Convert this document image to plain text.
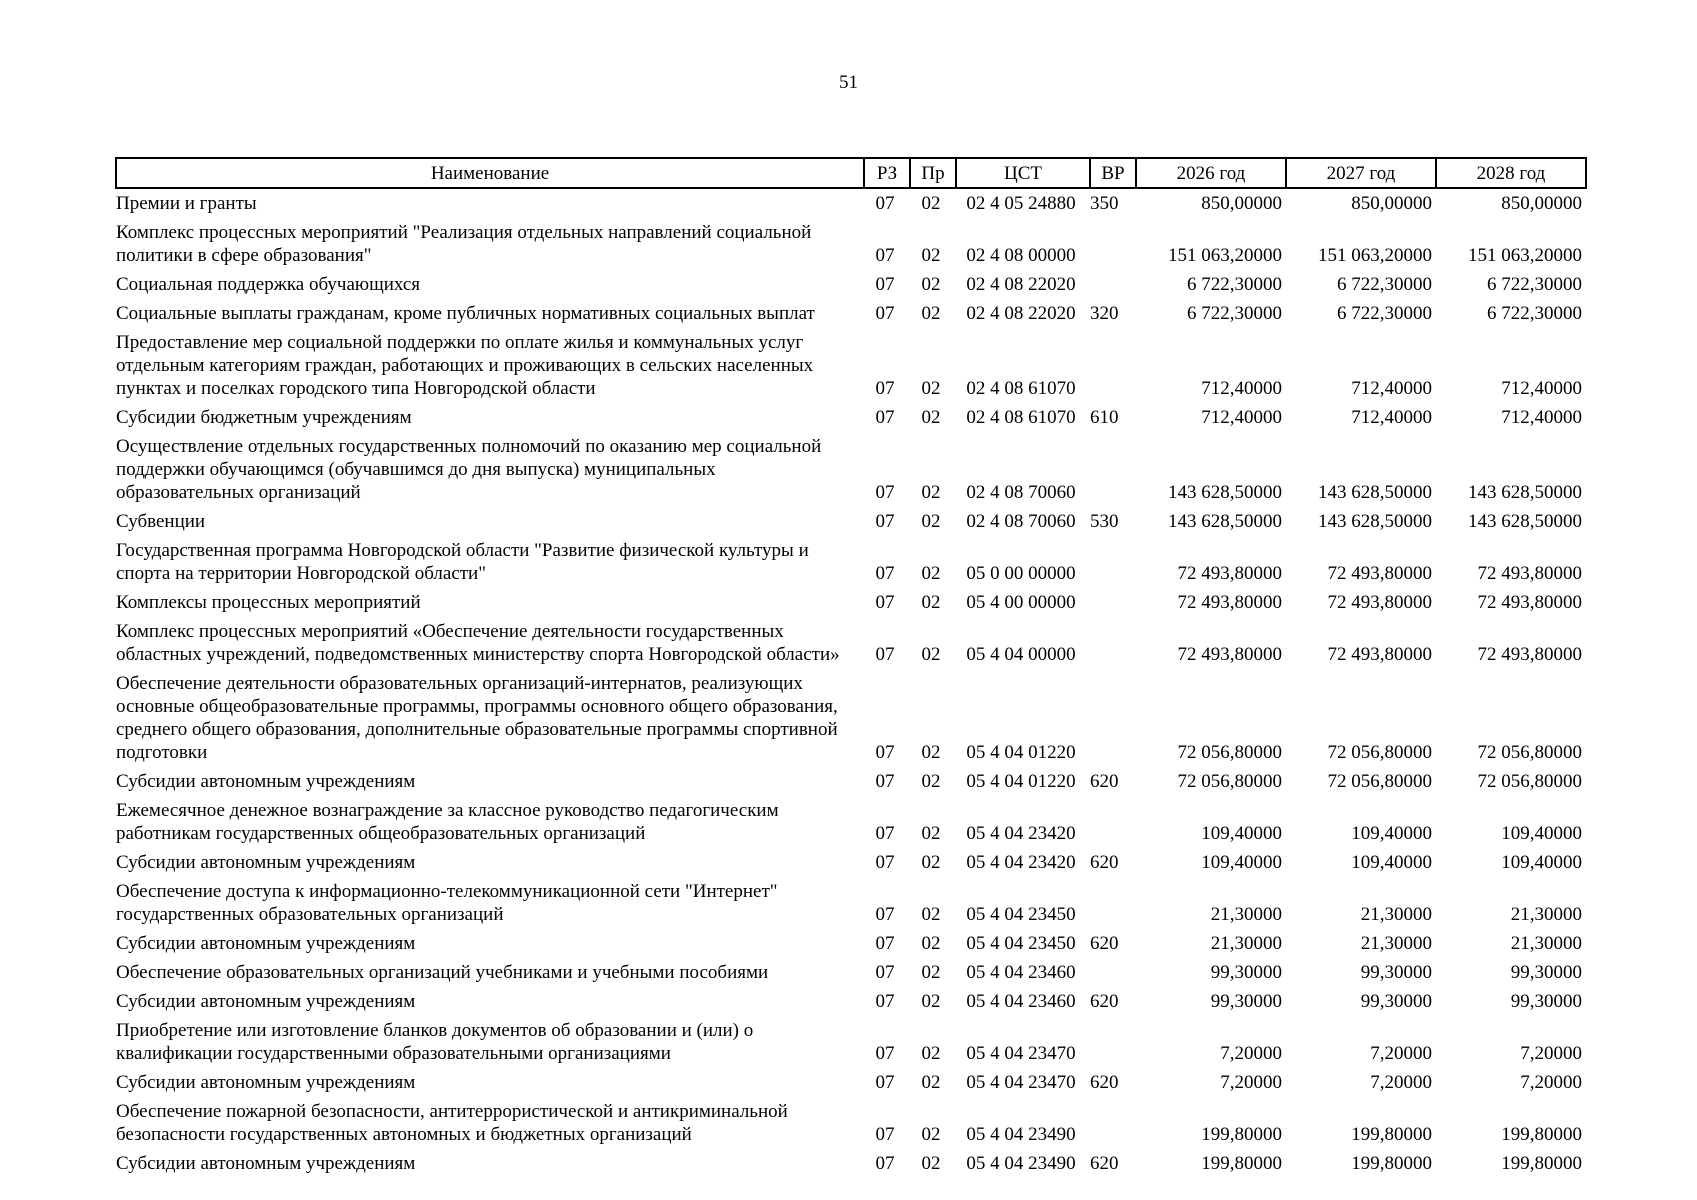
51
Наименование	РЗ	Пр	ЦСТ	ВР	2026 год	2027 год	2028 год
Премии и гранты	07	02	02 4 05 24880	350	850,00000	850,00000	850,00000
Комплекс процессных мероприятий "Реализация отдельных направлений социальной политики в сфере образования"	07	02	02 4 08 00000		151 063,20000	151 063,20000	151 063,20000
Социальная поддержка обучающихся	07	02	02 4 08 22020		6 722,30000	6 722,30000	6 722,30000
Социальные выплаты гражданам, кроме публичных нормативных социальных выплат	07	02	02 4 08 22020	320	6 722,30000	6 722,30000	6 722,30000
Предоставление мер социальной поддержки по оплате жилья и коммунальных услуг отдельным категориям граждан, работающих и проживающих в сельских населенных пунктах и поселках городского типа Новгородской области	07	02	02 4 08 61070		712,40000	712,40000	712,40000
Субсидии бюджетным учреждениям	07	02	02 4 08 61070	610	712,40000	712,40000	712,40000
Осуществление отдельных государственных полномочий по оказанию мер социальной поддержки обучающимся (обучавшимся до дня выпуска) муниципальных образовательных организаций	07	02	02 4 08 70060		143 628,50000	143 628,50000	143 628,50000
Субвенции	07	02	02 4 08 70060	530	143 628,50000	143 628,50000	143 628,50000
Государственная программа Новгородской области "Развитие физической культуры и спорта на территории Новгородской области"	07	02	05 0 00 00000		72 493,80000	72 493,80000	72 493,80000
Комплексы процессных мероприятий	07	02	05 4 00 00000		72 493,80000	72 493,80000	72 493,80000
Комплекс процессных мероприятий «Обеспечение деятельности государственных областных учреждений, подведомственных министерству спорта Новгородской области»	07	02	05 4 04 00000		72 493,80000	72 493,80000	72 493,80000
Обеспечение деятельности образовательных организаций-интернатов, реализующих основные общеобразовательные программы, программы основного общего образования, среднего общего образования, дополнительные образовательные программы спортивной подготовки	07	02	05 4 04 01220		72 056,80000	72 056,80000	72 056,80000
Субсидии автономным учреждениям	07	02	05 4 04 01220	620	72 056,80000	72 056,80000	72 056,80000
Ежемесячное денежное вознаграждение за классное руководство педагогическим работникам государственных общеобразовательных организаций	07	02	05 4 04 23420		109,40000	109,40000	109,40000
Субсидии автономным учреждениям	07	02	05 4 04 23420	620	109,40000	109,40000	109,40000
Обеспечение доступа к информационно-телекоммуникационной сети "Интернет" государственных образовательных организаций	07	02	05 4 04 23450		21,30000	21,30000	21,30000
Субсидии автономным учреждениям	07	02	05 4 04 23450	620	21,30000	21,30000	21,30000
Обеспечение образовательных организаций учебниками и учебными пособиями	07	02	05 4 04 23460		99,30000	99,30000	99,30000
Субсидии автономным учреждениям	07	02	05 4 04 23460	620	99,30000	99,30000	99,30000
Приобретение или изготовление бланков документов об образовании и (или) о квалификации государственными образовательными организациями	07	02	05 4 04 23470		7,20000	7,20000	7,20000
Субсидии автономным учреждениям	07	02	05 4 04 23470	620	7,20000	7,20000	7,20000
Обеспечение пожарной безопасности, антитеррористической и антикриминальной безопасности государственных автономных и бюджетных организаций	07	02	05 4 04 23490		199,80000	199,80000	199,80000
Субсидии автономным учреждениям	07	02	05 4 04 23490	620	199,80000	199,80000	199,80000
